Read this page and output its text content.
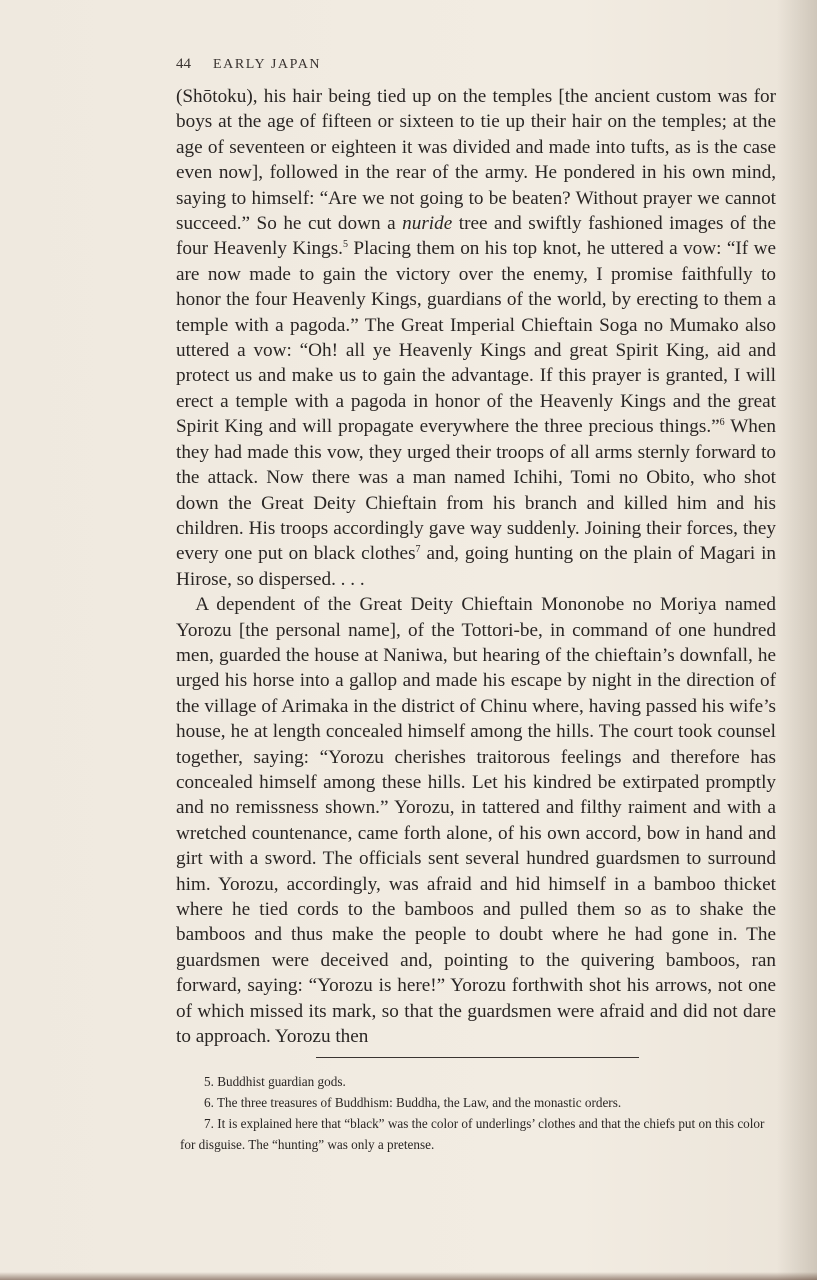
44 EARLY JAPAN

(Shōtoku), his hair being tied up on the temples [the ancient custom was for boys at the age of fifteen or sixteen to tie up their hair on the temples; at the age of seventeen or eighteen it was divided and made into tufts, as is the case even now], followed in the rear of the army. He pondered in his own mind, saying to himself: “Are we not going to be beaten? Without prayer we cannot succeed.” So he cut down a nuride tree and swiftly fashioned images of the four Heavenly Kings.$^5$ Placing them on his top knot, he uttered a vow: “If we are now made to gain the victory over the enemy, I promise faithfully to honor the four Heavenly Kings, guardians of the world, by erecting to them a temple with a pagoda.” The Great Imperial Chieftain Soga no Mumako also uttered a vow: “Oh! all ye Heavenly Kings and great Spirit King, aid and protect us and make us to gain the advantage. If this prayer is granted, I will erect a temple with a pagoda in honor of the Heavenly Kings and the great Spirit King and will propagate everywhere the three precious things.”$^6$ When they had made this vow, they urged their troops of all arms sternly forward to the attack. Now there was a man named Ichihi, Tomi no Obito, who shot down the Great Deity Chieftain from his branch and killed him and his children. His troops accordingly gave way suddenly. Joining their forces, they every one put on black clothes$^7$ and, going hunting on the plain of Magari in Hirose, so dispersed. . . .

A dependent of the Great Deity Chieftain Mononobe no Moriya named Yorozu [the personal name], of the Tottori-be, in command of one hundred men, guarded the house at Naniwa, but hearing of the chieftain’s downfall, he urged his horse into a gallop and made his escape by night in the direction of the village of Arimaka in the district of Chinu where, having passed his wife’s house, he at length concealed himself among the hills. The court took counsel together, saying: “Yorozu cherishes traitorous feelings and therefore has concealed himself among these hills. Let his kindred be extirpated promptly and no remissness shown.” Yorozu, in tattered and filthy raiment and with a wretched countenance, came forth alone, of his own accord, bow in hand and girt with a sword. The officials sent several hundred guardsmen to surround him. Yorozu, accordingly, was afraid and hid himself in a bamboo thicket where he tied cords to the bamboos and pulled them so as to shake the bamboos and thus make the people to doubt where he had gone in. The guardsmen were deceived and, pointing to the quivering bamboos, ran forward, saying: “Yorozu is here!” Yorozu forthwith shot his arrows, not one of which missed its mark, so that the guardsmen were afraid and did not dare to approach. Yorozu then

5. Buddhist guardian gods.

6. The three treasures of Buddhism: Buddha, the Law, and the monastic orders.

7. It is explained here that “black” was the color of underlings’ clothes and that the chiefs put on this color for disguise. The “hunting” was only a pretense.
